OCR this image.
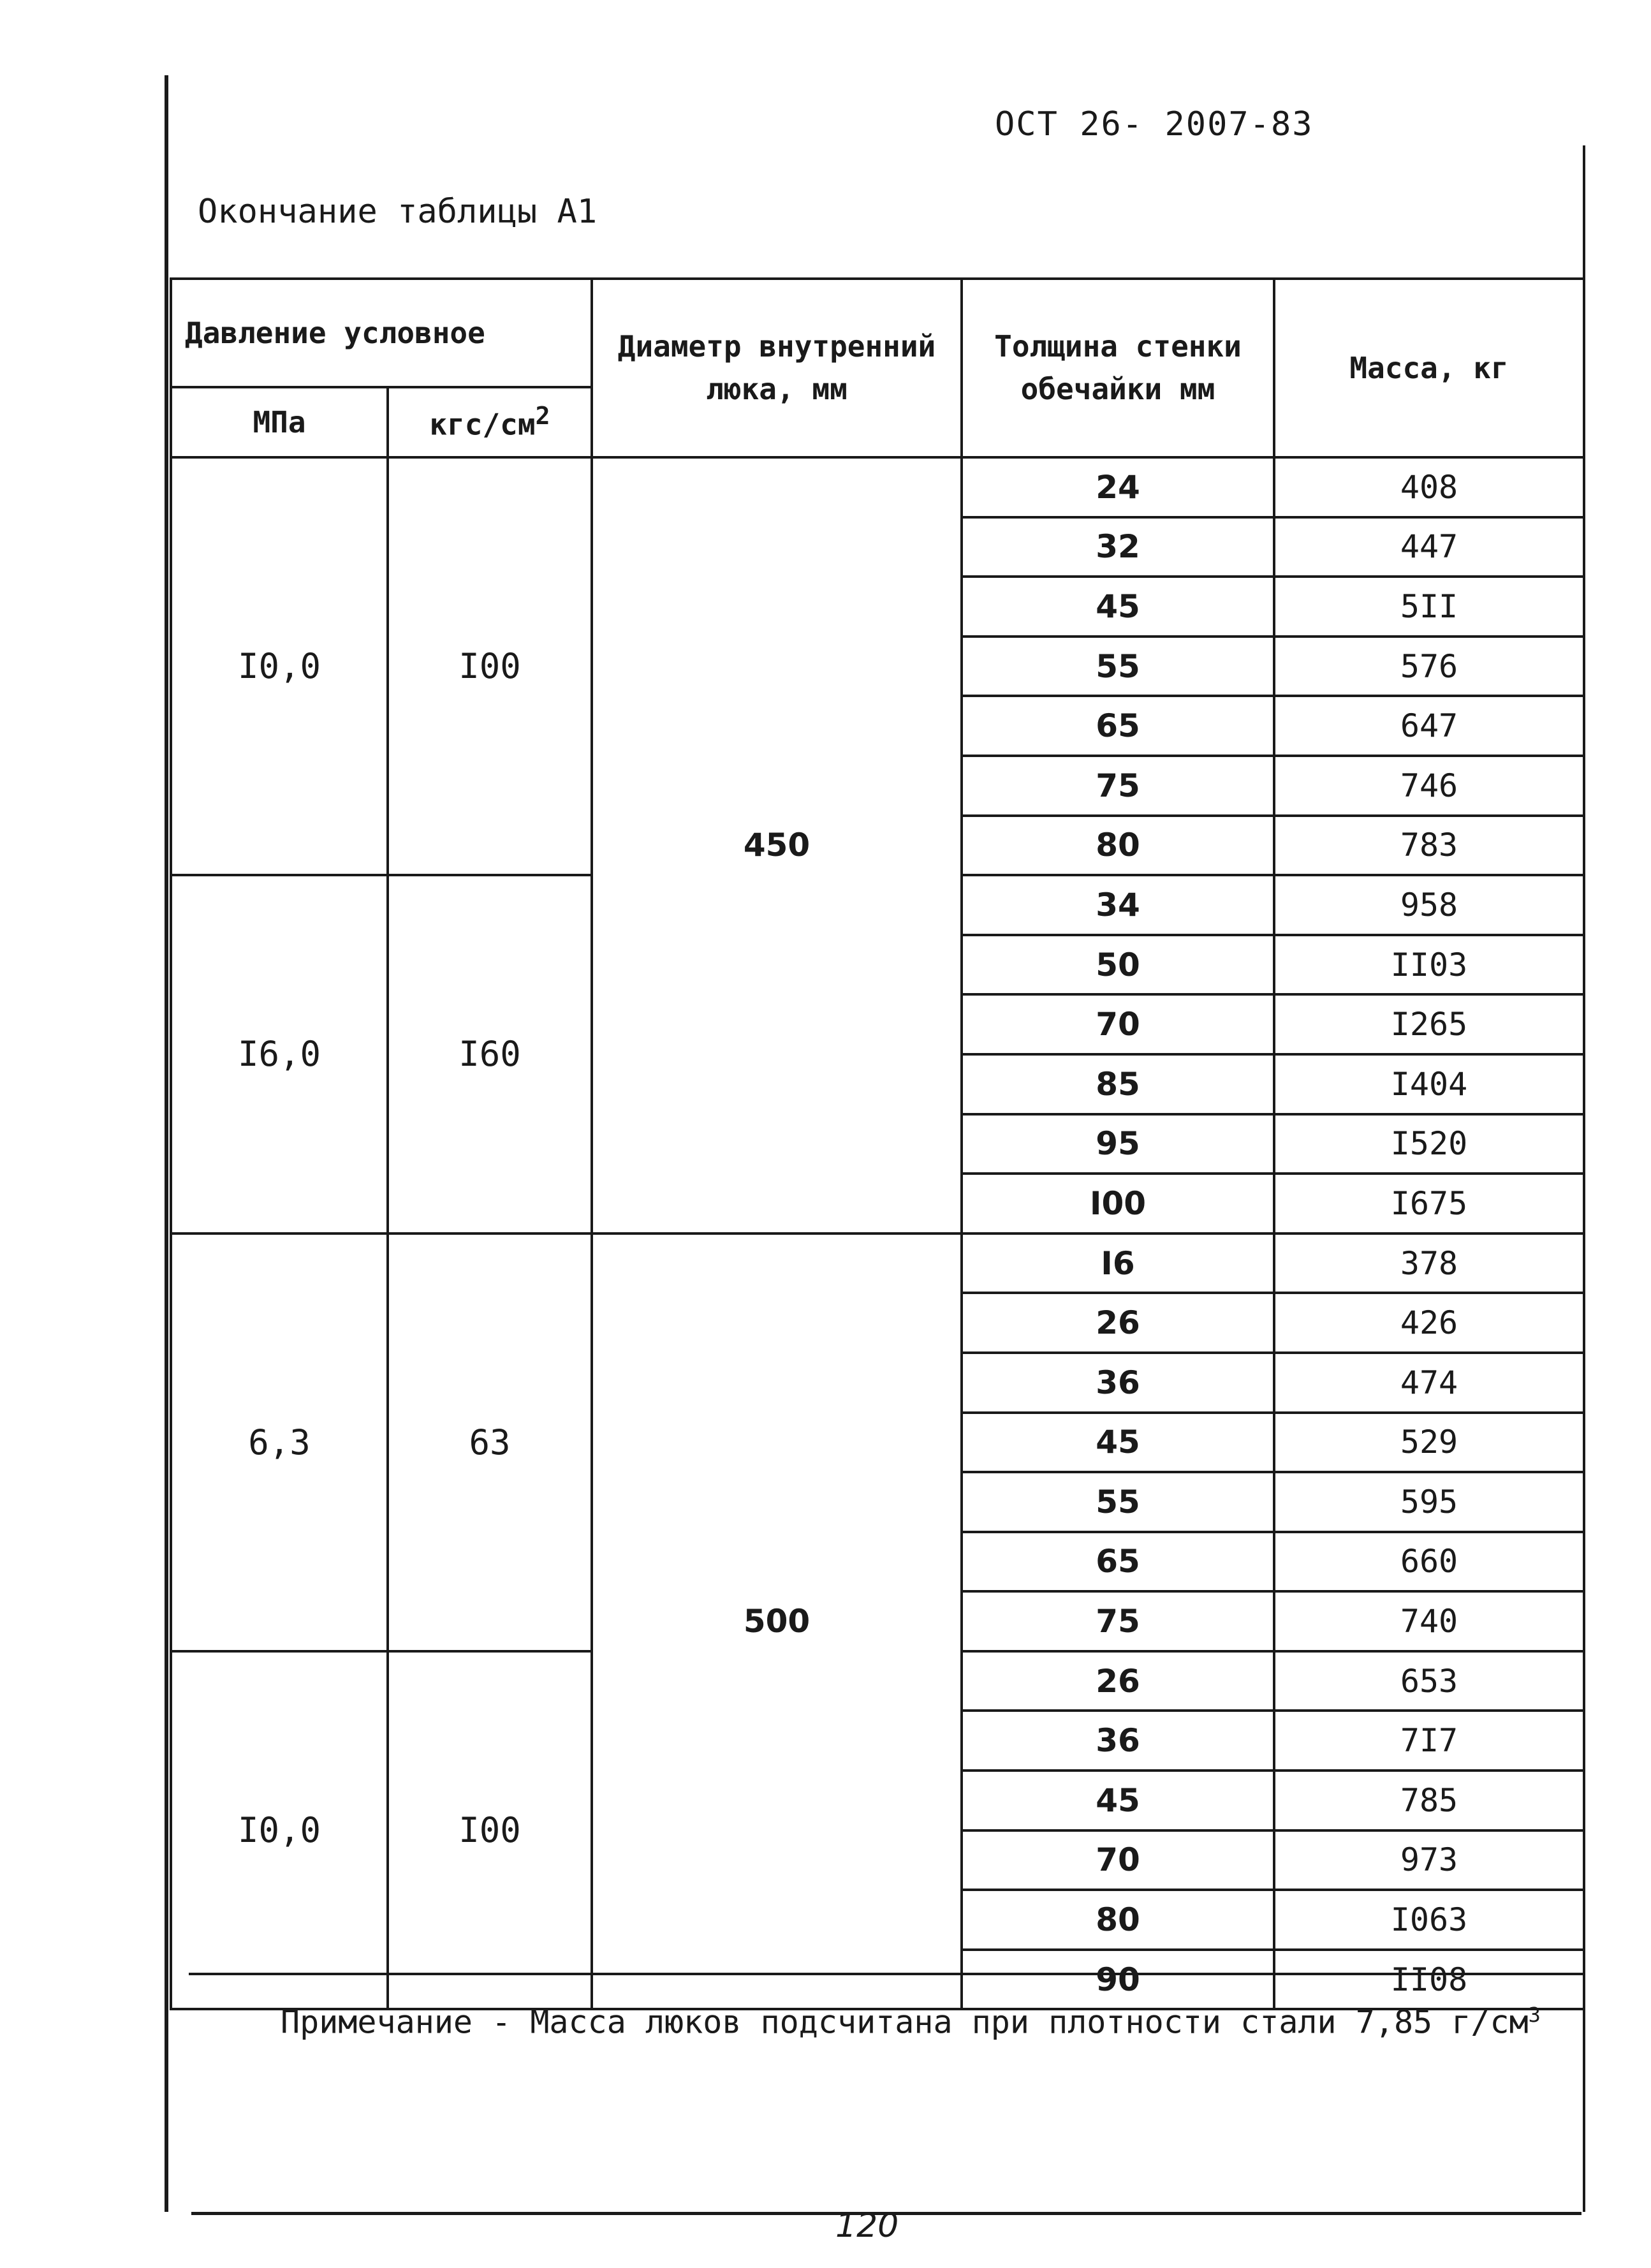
ОСТ 26- 2007-83
Окончание таблицы А1
Давление условное		Диаметр внутренний люка, мм	Толщина стенки обечайки мм	Масса, кг
МПа	кгс/$см^2$
I0,0	I00	450	24	408
			32	447
			45	5II
			55	576
			65	647
			75	746
			80	783
I6,0	I60		34	958
			50	II03
			70	I265
			85	I404
			95	I520
			I00	I675
6,3	63	500	I6	378
			26	426
			36	474
			45	529
			55	595
			65	660
			75	740
I0,0	I00		26	653
			36	7I7
			45	785
			70	973
			80	I063
			90	II08
Примечание - Масса люков подсчитана при плотности стали 7,85 $г/см^3$
120
